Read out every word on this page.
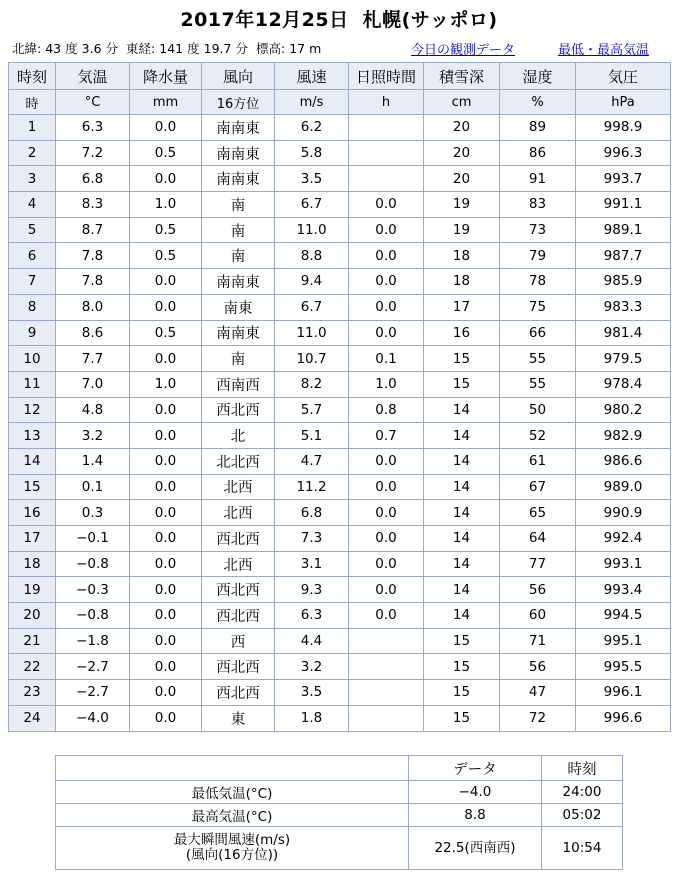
2017年12月25日 札幌(サッポロ)
北緯: 43 度 3.6 分 東経: 141 度 19.7 分 標高: 17 m	今日の観測データ	最低・最高気温
時刻	気温	降水量	風向	風速	日照時間	積雪深	湿度	気圧
時	°C	mm	16方位	m/s	h	cm	%	hPa
1	6.3	0.0	南南東	6.2		20	89	998.9
2	7.2	0.5	南南東	5.8		20	86	996.3
3	6.8	0.0	南南東	3.5		20	91	993.7
4	8.3	1.0	南	6.7	0.0	19	83	991.1
5	8.7	0.5	南	11.0	0.0	19	73	989.1
6	7.8	0.5	南	8.8	0.0	18	79	987.7
7	7.8	0.0	南南東	9.4	0.0	18	78	985.9
8	8.0	0.0	南東	6.7	0.0	17	75	983.3
9	8.6	0.5	南南東	11.0	0.0	16	66	981.4
10	7.7	0.0	南	10.7	0.1	15	55	979.5
11	7.0	1.0	西南西	8.2	1.0	15	55	978.4
12	4.8	0.0	西北西	5.7	0.8	14	50	980.2
13	3.2	0.0	北	5.1	0.7	14	52	982.9
14	1.4	0.0	北北西	4.7	0.0	14	61	986.6
15	0.1	0.0	北西	11.2	0.0	14	67	989.0
16	0.3	0.0	北西	6.8	0.0	14	65	990.9
17	−0.1	0.0	西北西	7.3	0.0	14	64	992.4
18	−0.8	0.0	北西	3.1	0.0	14	77	993.1
19	−0.3	0.0	西北西	9.3	0.0	14	56	993.4
20	−0.8	0.0	西北西	6.3	0.0	14	60	994.5
21	−1.8	0.0	西	4.4		15	71	995.1
22	−2.7	0.0	西北西	3.2		15	56	995.5
23	−2.7	0.0	西北西	3.5		15	47	996.1
24	−4.0	0.0	東	1.8		15	72	996.6
	データ	時刻
最低気温(°C)	−4.0	24:00
最高気温(°C)	8.8	05:02
最大瞬間風速(m/s)
(風向(16方位))	22.5(西南西)	10:54
